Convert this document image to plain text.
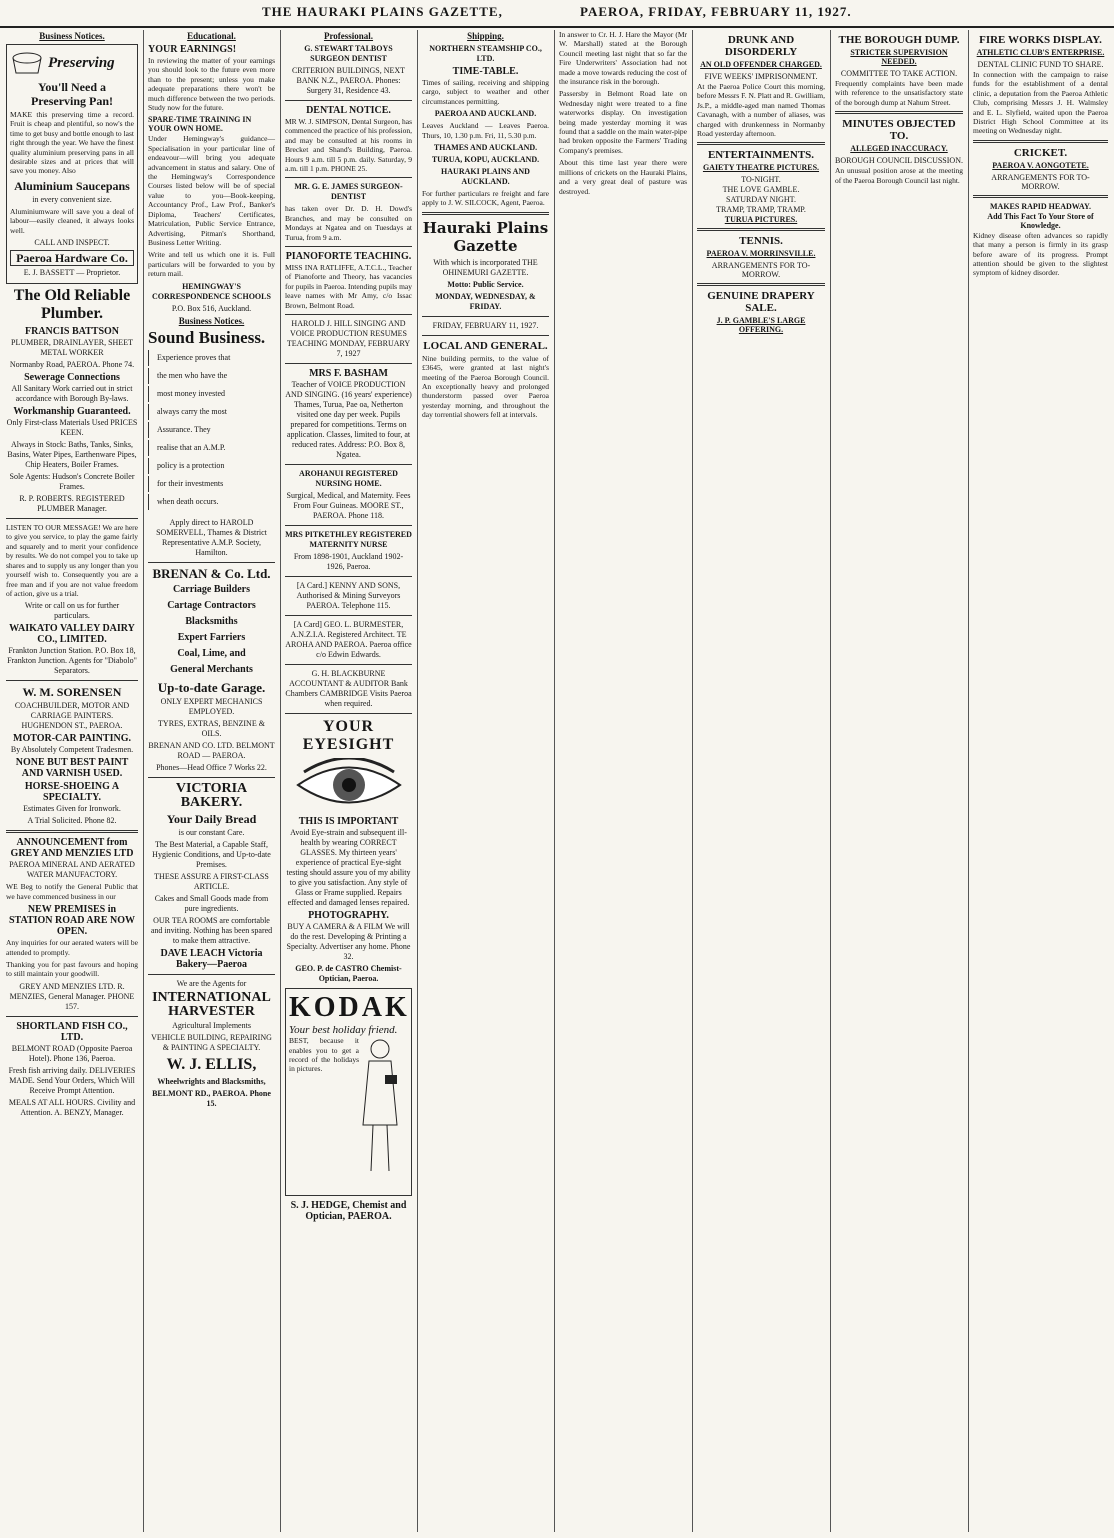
THE HAURAKI PLAINS GAZETTE,	PAEROA, FRIDAY, FEBRUARY 11, 1927.
Business Notices.
Preserving
You'll Need a Preserving Pan!

MAKE this preserving time a record. Fruit is cheap and plentiful, so now's the time to get busy and bottle enough to last right through the year. We have the finest quality aluminium preserving pans in all desirable sizes and at prices that will save you money. Also

Aluminium Saucepans
in every convenient size.

Aluminiumware will save you a deal of labour—easily cleaned, it always looks well.

CALL AND INSPECT.
Paeroa Hardware Co.
E. J. BASSETT — Proprietor.
The Old Reliable Plumber.
FRANCIS BATTSON
PLUMBER, DRAINLAYER, SHEET METAL WORKER
Normanby Road, PAEROA. Phone 74.
Sewerage Connections
All Sanitary Work carried out in strict accordance with Borough By-laws.
Workmanship Guaranteed.
Only First-class Materials Used PRICES KEEN.
Always in Stock: Baths, Tanks, Sinks, Basins, Water Pipes, Earthenware Pipes, Chip Heaters, Boiler Frames.
Sole Agents: Hudson's Concrete Boiler Frames.
R. P. ROBERTS. REGISTERED PLUMBER Manager.

LISTEN TO OUR MESSAGE! We are here to give you service, to play the game fairly and squarely and to merit your confidence by results. We do not compel you to take up shares and to supply us any longer than you yourself wish to. Consequently you are a free man and if you are not value freedom of action, give us a trial.

Write or call on us for further particulars.
WAIKATO VALLEY DAIRY CO., LIMITED.
Frankton Junction Station. P.O. Box 18, Frankton Junction. Agents for "Diabolo" Separators.
W. M. SORENSEN
COACHBUILDER, MOTOR AND CARRIAGE PAINTERS. HUGHENDON ST., PAEROA.
MOTOR-CAR PAINTING.
By Absolutely Competent Tradesmen.
NONE BUT BEST PAINT AND VARNISH USED.
HORSE-SHOEING A SPECIALTY.
Estimates Given for Ironwork.
A Trial Solicited. Phone 82.
ANNOUNCEMENT from GREY AND MENZIES LTD
PAEROA MINERAL AND AERATED WATER MANUFACTORY.

WE Beg to notify the General Public that we have commenced business in our

NEW PREMISES in STATION ROAD ARE NOW OPEN.

Any inquiries for our aerated waters will be attended to promptly.

Thanking you for past favours and hoping to still maintain your goodwill.

GREY AND MENZIES LTD. R. MENZIES, General Manager. PHONE 157.
SHORTLAND FISH CO., LTD.
BELMONT ROAD (Opposite Paeroa Hotel). Phone 136, Paeroa.
Fresh fish arriving daily. DELIVERIES MADE. Send Your Orders, Which Will Receive Prompt Attention.
MEALS AT ALL HOURS. Civility and Attention. A. BENZY, Manager.
Educational.
YOUR EARNINGS!

In reviewing the matter of your earnings you should look to the future even more than to the present; unless you make adequate preparations there won't be much difference between the two periods. Study now for the future.

SPARE-TIME TRAINING IN YOUR OWN HOME.

Under Hemingway's guidance—Specialisation in your particular line of endeavour—will bring you adequate advancement in status and salary. One of the Hemingway's Correspondence Courses listed below will be of special value to you—Book-keeping, Accountancy Prof., Law Prof., Banker's Diploma, Teachers' Certificates, Matriculation, Public Service Entrance, Advertising, Pitman's Shorthand, Business Letter Writing.

Write and tell us which one it is. Full particulars will be forwarded to you by return mail.

HEMINGWAY'S CORRESPONDENCE SCHOOLS
P.O. Box 516, Auckland.
Business Notices.
Sound Business.
Experience proves that
the men who have the
most money invested
always carry the most
Assurance. They
realise that an A.M.P.
policy is a protection
for their investments
when death occurs.
Apply direct to HAROLD SOMERVELL, Thames & District Representative A.M.P. Society, Hamilton.
BRENAN & Co. Ltd.
Carriage Builders
Cartage Contractors
Blacksmiths
Expert Farriers
Coal, Lime, and
General Merchants
Up-to-date Garage.
ONLY EXPERT MECHANICS EMPLOYED.
TYRES, EXTRAS, BENZINE & OILS.
BRENAN AND CO. LTD. BELMONT ROAD — PAEROA.
Phones—Head Office 7 Works 22.
VICTORIA BAKERY.
Your Daily Bread
is our constant Care.
The Best Material, a Capable Staff, Hygienic Conditions, and Up-to-date Premises.
THESE ASSURE A FIRST-CLASS ARTICLE.
Cakes and Small Goods made from pure ingredients.
OUR TEA ROOMS are comfortable and inviting. Nothing has been spared to make them attractive.
DAVE LEACH Victoria Bakery—Paeroa
We are the Agents for
INTERNATIONAL HARVESTER
Agricultural Implements
VEHICLE BUILDING, REPAIRING & PAINTING A SPECIALTY.
W. J. ELLIS,
Wheelwrights and Blacksmiths,
BELMONT RD., PAEROA. Phone 15.
Professional.
G. STEWART TALBOYS SURGEON DENTIST
CRITERION BUILDINGS, NEXT BANK N.Z., PAEROA. Phones: Surgery 31, Residence 43.
DENTAL NOTICE.

MR W. J. SIMPSON, Dental Surgeon, has commenced the practice of his profession, and may be consulted at his rooms in Brecket and Shand's Building, Paeroa. Hours 9 a.m. till 5 p.m. daily. Saturday, 9 a.m. till 1 p.m. PHONE 25.

MR. G. E. JAMES SURGEON-DENTIST

has taken over Dr. D. H. Dowd's Branches, and may be consulted on Mondays at Ngatea and on Tuesdays at Turua, from 9 a.m.

PIANOFORTE TEACHING.

MISS INA RATLIFFE, A.T.C.L., Teacher of Pianoforte and Theory, has vacancies for pupils in Paeroa. Intending pupils may leave names with Mr Amy, c/o Issac Brown, Belmont Road.

HAROLD J. HILL SINGING AND VOICE PRODUCTION RESUMES TEACHING MONDAY, FEBRUARY 7, 1927
MRS F. BASHAM
Teacher of VOICE PRODUCTION AND SINGING. (16 years' experience) Thames, Turua, Pae oa, Netherton visited one day per week. Pupils prepared for competitions. Terms on application. Classes, limited to four, at reduced rates. Address: P.O. Box 8, Ngatea.
AROHANUI REGISTERED NURSING HOME.
Surgical, Medical, and Maternity. Fees From Four Guineas. MOORE ST., PAEROA. Phone 118.
MRS PITKETHLEY REGISTERED MATERNITY NURSE
From 1898-1901, Auckland 1902-1926, Paeroa.
[A Card.] KENNY AND SONS, Authorised & Mining Surveyors PAEROA. Telephone 115.
[A Card] GEO. L. BURMESTER, A.N.Z.I.A. Registered Architect. TE AROHA AND PAEROA. Paeroa office c/o Edwin Edwards.
G. H. BLACKBURNE ACCOUNTANT & AUDITOR Bank Chambers CAMBRIDGE Visits Paeroa when required.
YOUR EYESIGHT
THIS IS IMPORTANT
Avoid Eye-strain and subsequent ill-health by wearing CORRECT GLASSES. My thirteen years' experience of practical Eye-sight testing should assure you of my ability to give you satisfaction. Any style of Glass or Frame supplied. Repairs effected and damaged lenses repaired.
PHOTOGRAPHY.
BUY A CAMERA & A FILM We will do the rest. Developing & Printing a Specialty. Advertiser any home. Phone 32.
GEO. P. de CASTRO Chemist-Optician, Paeroa.
KODAK
Your best holiday friend.

BEST, because it enables you to get a record of the holidays in pictures.

S. J. HEDGE, Chemist and Optician, PAEROA.
Shipping.
NORTHERN STEAMSHIP CO., LTD.
TIME-TABLE.

Times of sailing, receiving and shipping cargo, subject to weather and other circumstances permitting.

PAEROA AND AUCKLAND.

Leaves Auckland — Leaves Paeroa. Thurs, 10, 1.30 p.m. Fri, 11, 5.30 p.m.

THAMES AND AUCKLAND.
TURUA, KOPU, AUCKLAND.
HAURAKI PLAINS AND AUCKLAND.

For further particulars re freight and fare apply to J. W. SILCOCK, Agent, Paeroa.

Hauraki Plains Gazette
With which is incorporated THE OHINEMURI GAZETTE.
Motto: Public Service.
MONDAY, WEDNESDAY, & FRIDAY.
FRIDAY, FEBRUARY 11, 1927.
LOCAL AND GENERAL.

Nine building permits, to the value of £3645, were granted at last night's meeting of the Paeroa Borough Council. An exceptionally heavy and prolonged thunderstorm passed over Paeroa yesterday morning, and throughout the day torrential showers fell at intervals.

In answer to Cr. H. J. Hare the Mayor (Mr W. Marshall) stated at the Borough Council meeting last night that so far the Fire Underwriters' Association had not made a move towards reducing the cost of the insurance risk in the borough.

Passersby in Belmont Road late on Wednesday night were treated to a fine waterworks display. On investigation being made yesterday morning it was found that a saddle on the main water-pipe had broken opposite the Farmers' Trading Company's premises.

About this time last year there were millions of crickets on the Hauraki Plains, and a very great deal of pasture was destroyed.

DRUNK AND DISORDERLY
AN OLD OFFENDER CHARGED.
FIVE WEEKS' IMPRISONMENT.

At the Paeroa Police Court this morning, before Messrs F. N. Platt and R. Gwilliam, Js.P., a middle-aged man named Thomas Cavanagh, with a number of aliases, was charged with drunkenness in Normanby Road yesterday afternoon.

ENTERTAINMENTS.
GAIETY THEATRE PICTURES.
TO-NIGHT.
THE LOVE GAMBLE.
SATURDAY NIGHT.
TRAMP, TRAMP, TRAMP.
TURUA PICTURES.
TENNIS.
PAEROA V. MORRINSVILLE.
ARRANGEMENTS FOR TO-MORROW.
GENUINE DRAPERY SALE.
J. P. GAMBLE'S LARGE OFFERING.
THE BOROUGH DUMP.
STRICTER SUPERVISION NEEDED.
COMMITTEE TO TAKE ACTION.

Frequently complaints have been made with reference to the unsatisfactory state of the borough dump at Nahum Street.

MINUTES OBJECTED TO.
ALLEGED INACCURACY.
BOROUGH COUNCIL DISCUSSION.

An unusual position arose at the meeting of the Paeroa Borough Council last night.

FIRE WORKS DISPLAY.
ATHLETIC CLUB'S ENTERPRISE.
DENTAL CLINIC FUND TO SHARE.

In connection with the campaign to raise funds for the establishment of a dental clinic, a deputation from the Paeroa Athletic Club, comprising Messrs J. H. Walmsley and E. L. Slyfield, waited upon the Paeroa District High School Committee at its meeting on Wednesday night.

CRICKET.
PAEROA V. AONGOTETE.
ARRANGEMENTS FOR TO-MORROW.
MAKES RAPID HEADWAY.
Add This Fact To Your Store of Knowledge.

Kidney disease often advances so rapidly that many a person is firmly in its grasp before aware of its progress. Prompt attention should be given to the slightest symptom of kidney disorder.
